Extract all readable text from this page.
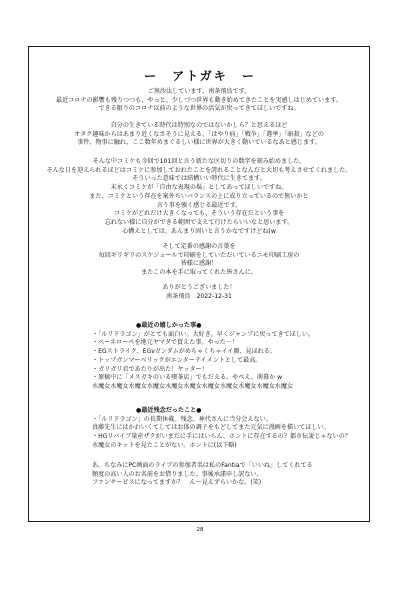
ー　アトガキ　ー
ご無沙汰しています、南条飛鳥です。
最近コロナの影響も残りつつも、やっと、少しづつ世界も動き始めてきたことを実感しはじめています。
できる限りのコロナ以前のような世界の活気が戻ってきてほしいですね。
自分の生きている時代は特別なのではないかしら？と思えるほど
オタク趣味からはあまり近くなさそうに見える。「はやり病」「戦争」「選挙」「暗殺」などの
事件、物事に触れ、ここ数年めまぐるしい様に世界が大きく動いているなあと感じます。
そんな中コミケも今回で101回と言う新たな区切りの数字を刻み始めました。
そんな日を迎えられるほどはコミケに参加しておれたことを誇れることなんだと大切も考えさせてくれました。
そういった意味では結構いい時代に生きてます。
末永くコミケが「自由な表現の場」としてあってほしいですね。
また、コミケという存在を案外ちいバランスの上に成り立っているので無いかと
言う事を強く感じる最近です。
コミケがどれだけ大きくなっても、そういう存在だという事を
忘れない様に自分ができる範囲で支えて行けたらいいなと思います。
心構えとしては、あんまり固いと言うかなですけどね(w
そして定番の感謝の言葉を
毎回ギリギリのスケジュールで印刷をしていただいているニモ印刷工房の
皆様に感謝！
またこの本を手に取ってくれた皆さんに。
ありがとうございました！
南条飛鳥　2022-12-31
●最近の嬉しかった事●
・「ルリドラゴン」がとても面白い。大好き。早くジャンプに戻ってきてほしい。
・ベーネローペを地元ヤマダで買えた事。やった－！
・EGストライク、EGνガンダムがめちゃくちゃイイ顔、見ほれる。
・トップガンマーベリックがエンターテイメントとして最高。
・ガリガリ君であたりが出た！ヤッター！
・原稿中に「メスガキのいる喫茶店」でもだえる。やべえ。萌幕か w
水魔女水魔女水魔女水魔女水魔女水魔女水魔女水魔女水魔女水魔女水魔女
●最近残念だったこと●
・「ルリドラゴン」の長期休載。残念。神代さんに当分会えない。
真藤先生にはかわいくてしてはお体の調子をもどしてまた元気に漫画を描いてほしい。
・HGリバイブ量産ザクがいまだに手にはいらん、ホントに存在するの？都市伝説じゃないの？
水魔女のキットを見たことがない。ホントに(以下略)
あ、ちなみにPC画面のライブの参加者名は私のFantiaで「いいね」してくれてる
頻度の高い人のお名前をお借りました。事後承諾申し訳ない。
ファンサービスになってますか？　ん～見えずらいかな。(笑)
28
